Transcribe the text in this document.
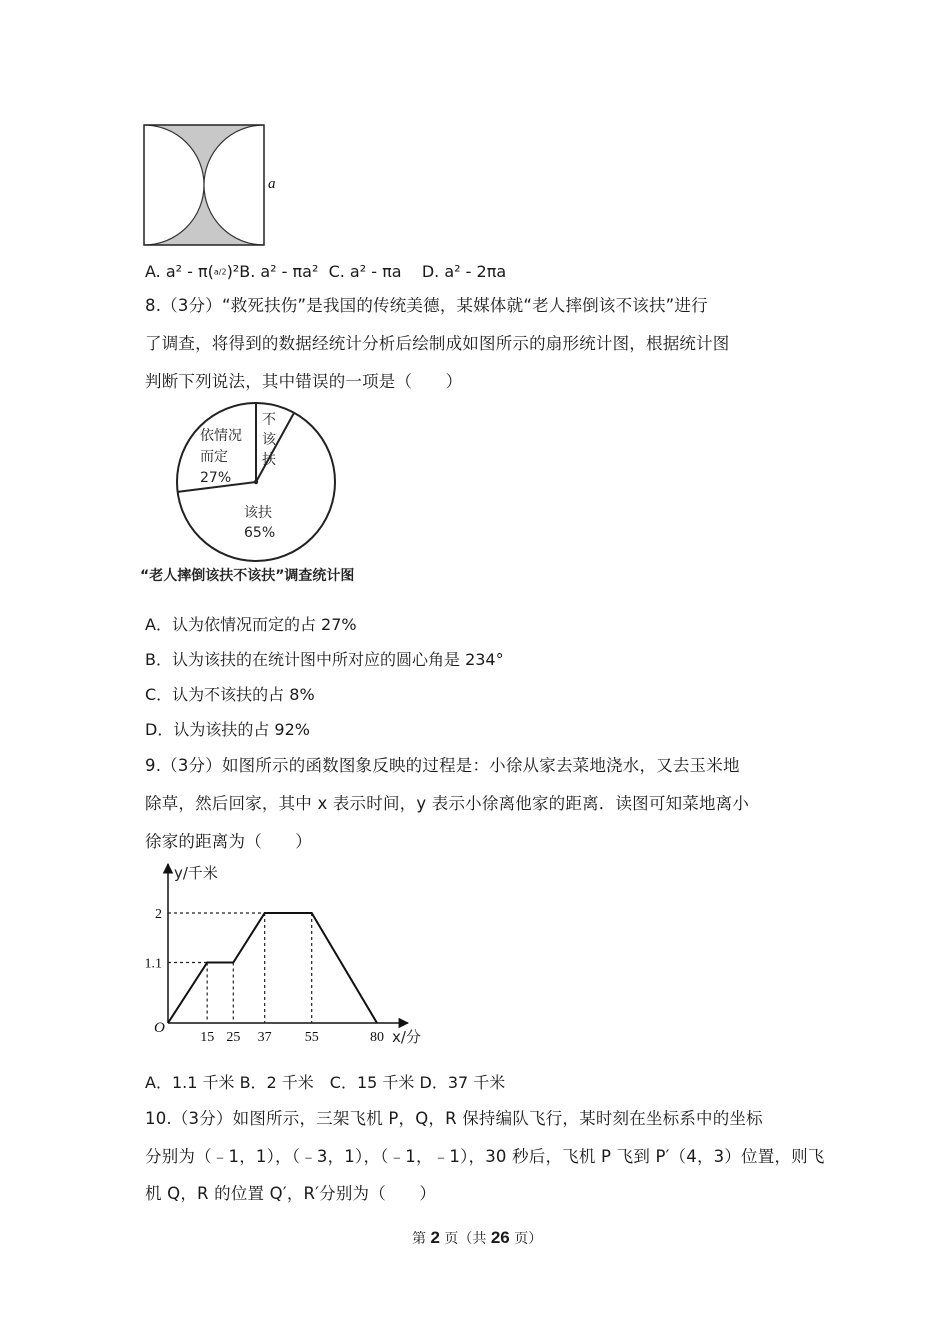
a
A. a² - π(a/2)²B. a² - πa² C. a² - πa D. a² - 2πa
8.（3分）“救死扶伤”是我国的传统美德，某媒体就“老人摔倒该不该扶”进行
了调查，将得到的数据经统计分析后绘制成如图所示的扇形统计图，根据统计图
判断下列说法，其中错误的一项是（　　）
依情况
而定
27%
不
该
扶
该扶
65%
“老人摔倒该扶不该扶”调查统计图
A．认为依情况而定的占 27%
B．认为该扶的在统计图中所对应的圆心角是 234°
C．认为不该扶的占 8%
D．认为该扶的占 92%
9.（3分）如图所示的函数图象反映的过程是：小徐从家去菜地浇水，又去玉米地
除草，然后回家，其中 x 表示时间，y 表示小徐离他家的距离．读图可知菜地离小
徐家的距离为（　　）
15 25 37 55	80
1.1
2
O
y/千米
x/分
A．1.1 千米 B．2 千米　C．15 千米 D．37 千米
10.（3分）如图所示，三架飞机 P，Q，R 保持编队飞行，某时刻在坐标系中的坐标
分别为（﹣1，1），（﹣3，1），（﹣1，﹣1），30 秒后，飞机 P 飞到 P′（4，3）位置，则飞
机 Q，R 的位置 Q′，R′分别为（　　）
第 2 页（共 26 页）
